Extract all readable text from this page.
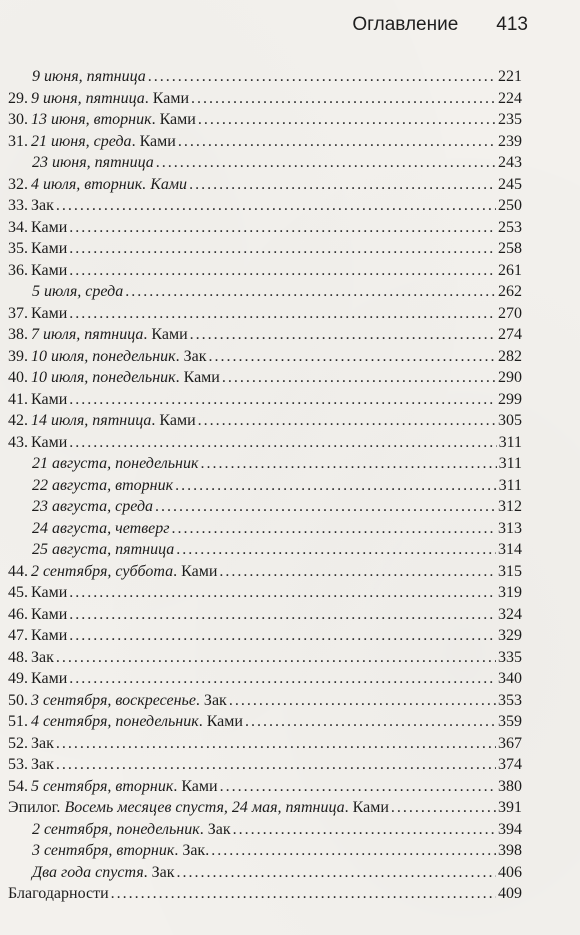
Оглавление 413
9 июня, пятница . . .	221
29. 9 июня, пятница . Ками . . .	224
30. 13 июня, вторник . Ками . . .	235
31. 21 июня, среда . Ками . . .	239
23 июня, пятница . . .	243
32. 4 июля, вторник. Ками . . .	245
33. Зак . . .	250
34. Ками . . .	253
35. Ками . . .	258
36. Ками . . .	261
5 июля, среда . . .	262
37. Ками . . .	270
38. 7 июля, пятница . Ками . . .	274
39. 10 июля, понедельник . Зак . . .	282
40. 10 июля, понедельник . Ками . . .	290
41. Ками . . .	299
42. 14 июля, пятница . Ками . . .	305
43. Ками . . .	311
21 августа, понедельник . . .	311
22 августа, вторник . . .	311
23 августа, среда . . .	312
24 августа, четверг . . .	313
25 августа, пятница . . .	314
44. 2 сентября, суббота . Ками . . .	315
45. Ками . . .	319
46. Ками . . .	324
47. Ками . . .	329
48. Зак . . .	335
49. Ками . . .	340
50. 3 сентября, воскресенье . Зак . . .	353
51. 4 сентября, понедельник . Ками . . .	359
52. Зак . . .	367
53. Зак . . .	374
54. 5 сентября, вторник . Ками . . .	380
Эпилог. Восемь месяцев спустя, 24 мая, пятница . Ками . . .	391
2 сентября, понедельник . Зак . . .	394
3 сентября, вторник . Зак. . . .	398
Два года спустя . Зак . . .	406
Благодарности . . .	409
